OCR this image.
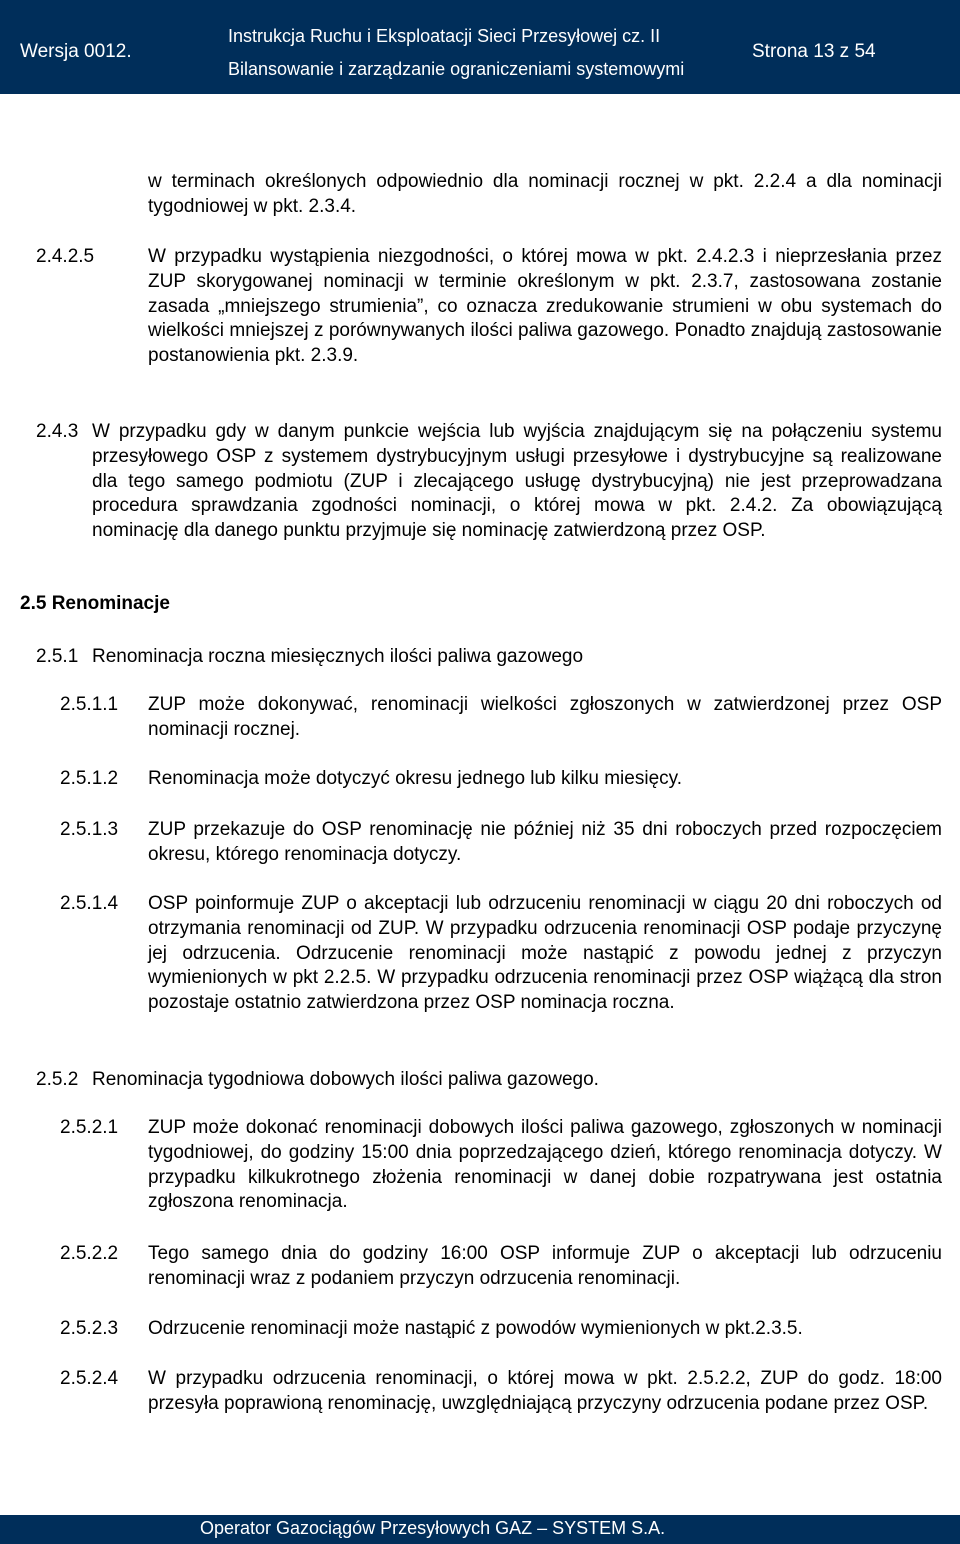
Wersja 0012.
Instrukcja Ruchu i Eksploatacji Sieci Przesyłowej cz. II
Bilansowanie i zarządzanie ograniczeniami systemowymi
Strona 13 z 54
w terminach określonych odpowiednio dla nominacji rocznej w pkt. 2.2.4 a dla nominacji tygodniowej w pkt. 2.3.4.
2.4.2.5	W przypadku wystąpienia niezgodności, o której mowa w pkt. 2.4.2.3 i nieprzesłania przez ZUP skorygowanej nominacji w terminie określonym w pkt. 2.3.7, zastosowana zostanie zasada „mniejszego strumienia”, co oznacza zredukowanie strumieni w obu systemach do wielkości mniejszej z porównywanych ilości paliwa gazowego. Ponadto znajdują zastosowanie postanowienia pkt. 2.3.9.
2.4.3 W przypadku gdy w danym punkcie wejścia lub wyjścia znajdującym się na połączeniu systemu przesyłowego OSP z systemem dystrybucyjnym usługi przesyłowe i dystrybucyjne są realizowane dla tego samego podmiotu (ZUP i zlecającego usługę dystrybucyjną) nie jest przeprowadzana procedura sprawdzania zgodności nominacji, o której mowa w pkt. 2.4.2. Za obowiązującą nominację dla danego punktu przyjmuje się nominację zatwierdzoną przez OSP.
2.5 Renominacje
2.5.1 Renominacja roczna miesięcznych ilości paliwa gazowego
2.5.1.1 ZUP może dokonywać, renominacji wielkości zgłoszonych w zatwierdzonej przez OSP nominacji rocznej.
2.5.1.2 Renominacja może dotyczyć okresu jednego lub kilku miesięcy.
2.5.1.3 ZUP przekazuje do OSP renominację nie później niż 35 dni roboczych przed rozpoczęciem okresu, którego renominacja dotyczy.
2.5.1.4 OSP poinformuje ZUP o akceptacji lub odrzuceniu renominacji w ciągu 20 dni roboczych od otrzymania renominacji od ZUP. W przypadku odrzucenia renominacji OSP podaje przyczynę jej odrzucenia. Odrzucenie renominacji może nastąpić z powodu jednej z przyczyn wymienionych w pkt 2.2.5. W przypadku odrzucenia renominacji przez OSP wiążącą dla stron pozostaje ostatnio zatwierdzona przez OSP nominacja roczna.
2.5.2 Renominacja tygodniowa dobowych ilości paliwa gazowego.
2.5.2.1 ZUP może dokonać renominacji dobowych ilości paliwa gazowego, zgłoszonych w nominacji tygodniowej, do godziny 15:00 dnia poprzedzającego dzień, którego renominacja dotyczy. W przypadku kilkukrotnego złożenia renominacji w danej dobie rozpatrywana jest ostatnia zgłoszona renominacja.
2.5.2.2 Tego samego dnia do godziny 16:00 OSP informuje ZUP o akceptacji lub odrzuceniu renominacji wraz z podaniem przyczyn odrzucenia renominacji.
2.5.2.3 Odrzucenie renominacji może nastąpić z powodów wymienionych w pkt.2.3.5.
2.5.2.4 W przypadku odrzucenia renominacji, o której mowa w pkt. 2.5.2.2, ZUP do godz. 18:00 przesyła poprawioną renominację, uwzględniającą przyczyny odrzucenia podane przez OSP.
Operator Gazociągów Przesyłowych GAZ – SYSTEM S.A.
